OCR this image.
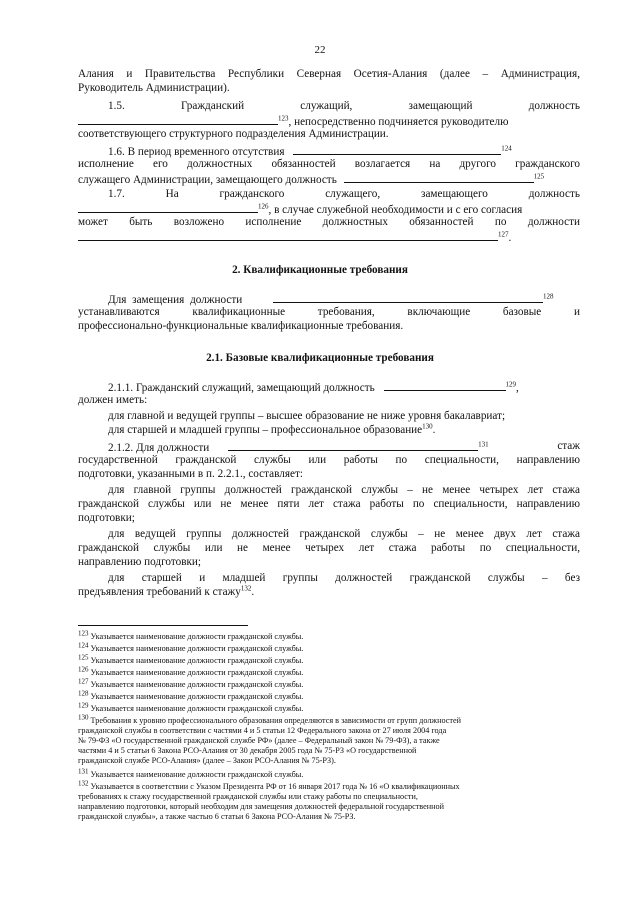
22
Алания и Правительства Республики Северная Осетия-Алания (далее – Администрация,
Руководитель Администрации).
1.5. Гражданский служащий, замещающий должность
$^{123}$, непосредственно подчиняется руководителю
соответствующего структурного подразделения Администрации.
1.6. В период временного отсутствия	$^{124}$
исполнение его должностных обязанностей возлагается на другого гражданского
служащего Администрации, замещающего должность	$^{125}$
1.7. На гражданского служащего, замещающего должность
$^{126}$, в случае служебной необходимости и с его согласия
может быть возложено исполнение должностных обязанностей по должности
$^{127}$.
2. Квалификационные требования
Для замещения должности	$^{128}$
устанавливаются квалификационные требования, включающие базовые и
профессионально-функциональные квалификационные требования.
2.1. Базовые квалификационные требования
2.1.1. Гражданский служащий, замещающий должность	$^{129}$,
должен иметь:
для главной и ведущей группы – высшее образование не ниже уровня бакалавриат;
для старшей и младшей группы – профессиональное образование$^{130}$.
2.1.2. Для должности	$^{131}$	стаж
государственной гражданской службы или работы по специальности, направлению
подготовки, указанными в п. 2.2.1., составляет:
для главной группы должностей гражданской службы – не менее четырех лет стажа
гражданской службы или не менее пяти лет стажа работы по специальности, направлению
подготовки;
для ведущей группы должностей гражданской службы – не менее двух лет стажа
гражданской службы или не менее четырех лет стажа работы по специальности,
направлению подготовки;
для старшей и младшей группы должностей гражданской службы – без
предъявления требований к стажу$^{132}$.
$^{123}$ Указывается наименование должности гражданской службы.
$^{124}$ Указывается наименование должности гражданской службы.
$^{125}$ Указывается наименование должности гражданской службы.
$^{126}$ Указывается наименование должности гражданской службы.
$^{127}$ Указывается наименование должности гражданской службы.
$^{128}$ Указывается наименование должности гражданской службы.
$^{129}$ Указывается наименование должности гражданской службы.
$^{130}$ Требования к уровню профессионального образования определяются в зависимости от групп должностей
гражданской службы в соответствии с частями 4 и 5 статьи 12 Федерального закона от 27 июля 2004 года
№ 79-ФЗ «О государственной гражданской службе РФ» (далее – Федеральный закон № 79-ФЗ), а также
частями 4 и 5 статьи 6 Закона РСО-Алания от 30 декабря 2005 года № 75-РЗ «О государственной
гражданской службе РСО-Алания» (далее – Закон РСО-Алания № 75-РЗ).
$^{131}$ Указывается наименование должности гражданской службы.
$^{132}$ Указывается в соответствии с Указом Президента РФ от 16 января 2017 года № 16 «О квалификационных
требованиях к стажу государственной гражданской службы или стажу работы по специальности,
направлению подготовки, который необходим для замещения должностей федеральной государственной
гражданской службы», а также частью 6 статьи 6 Закона РСО-Алания № 75-РЗ.
